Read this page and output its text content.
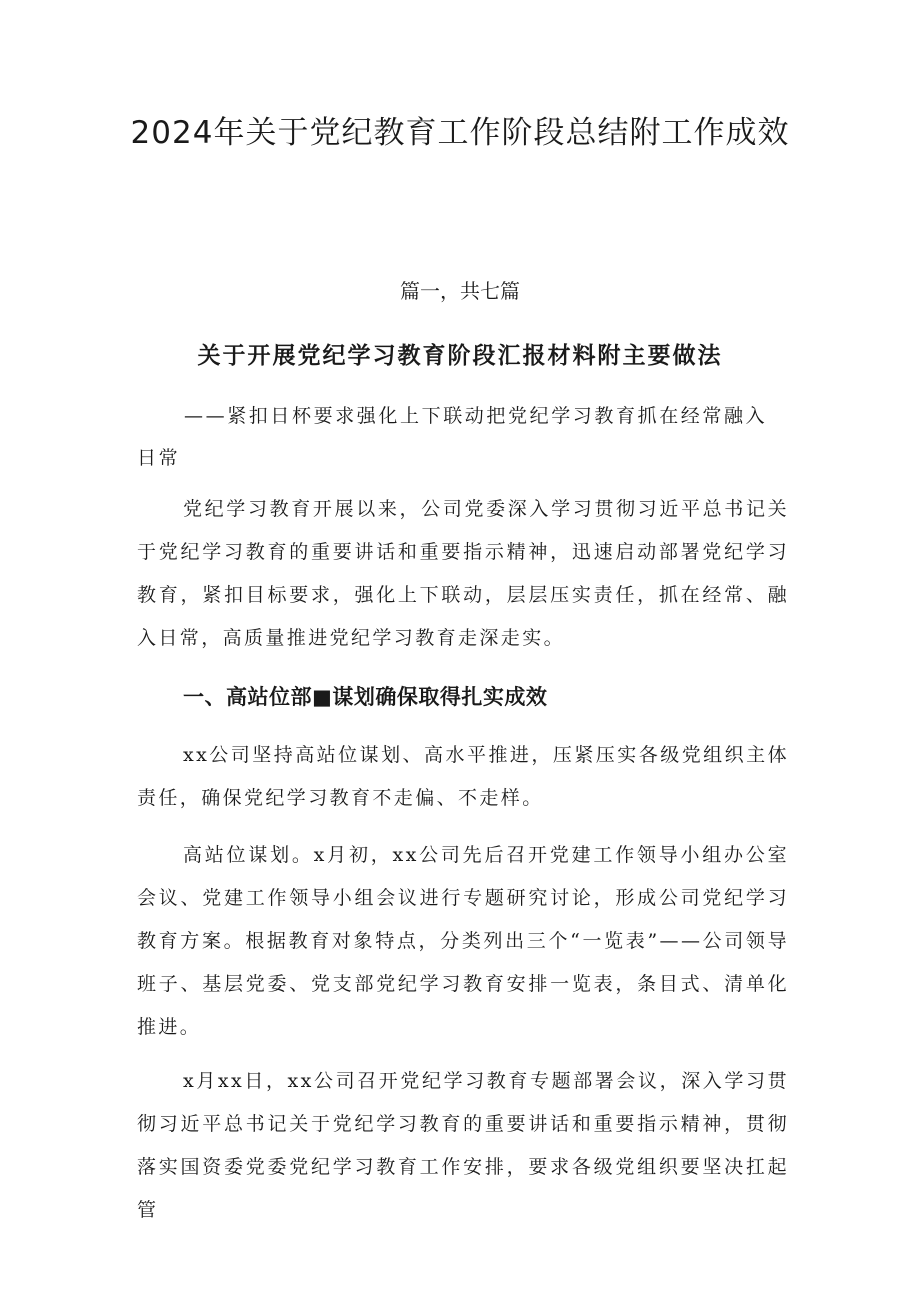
2024年关于党纪教育工作阶段总结附工作成效

篇一，共七篇

关于开展党纪学习教育阶段汇报材料附主要做法

——紧扣日杯要求强化上下联动把党纪学习教育抓在经常融入日常

党纪学习教育开展以来，公司党委深入学习贯彻习近平总书记关于党纪学习教育的重要讲话和重要指示精神，迅速启动部署党纪学习教育，紧扣目标要求，强化上下联动，层层压实责任，抓在经常、融入日常，高质量推进党纪学习教育走深走实。

一、高站位部■谋划确保取得扎实成效

xx公司坚持高站位谋划、高水平推进，压紧压实各级党组织主体责任，确保党纪学习教育不走偏、不走样。

高站位谋划。x月初，xx公司先后召开党建工作领导小组办公室会议、党建工作领导小组会议进行专题研究讨论，形成公司党纪学习教育方案。根据教育对象特点，分类列出三个“一览表”——公司领导班子、基层党委、党支部党纪学习教育安排一览表，条目式、清单化推进。

x月xx日，xx公司召开党纪学习教育专题部署会议，深入学习贯彻习近平总书记关于党纪学习教育的重要讲话和重要指示精神，贯彻落实国资委党委党纪学习教育工作安排，要求各级党组织要坚决扛起管
